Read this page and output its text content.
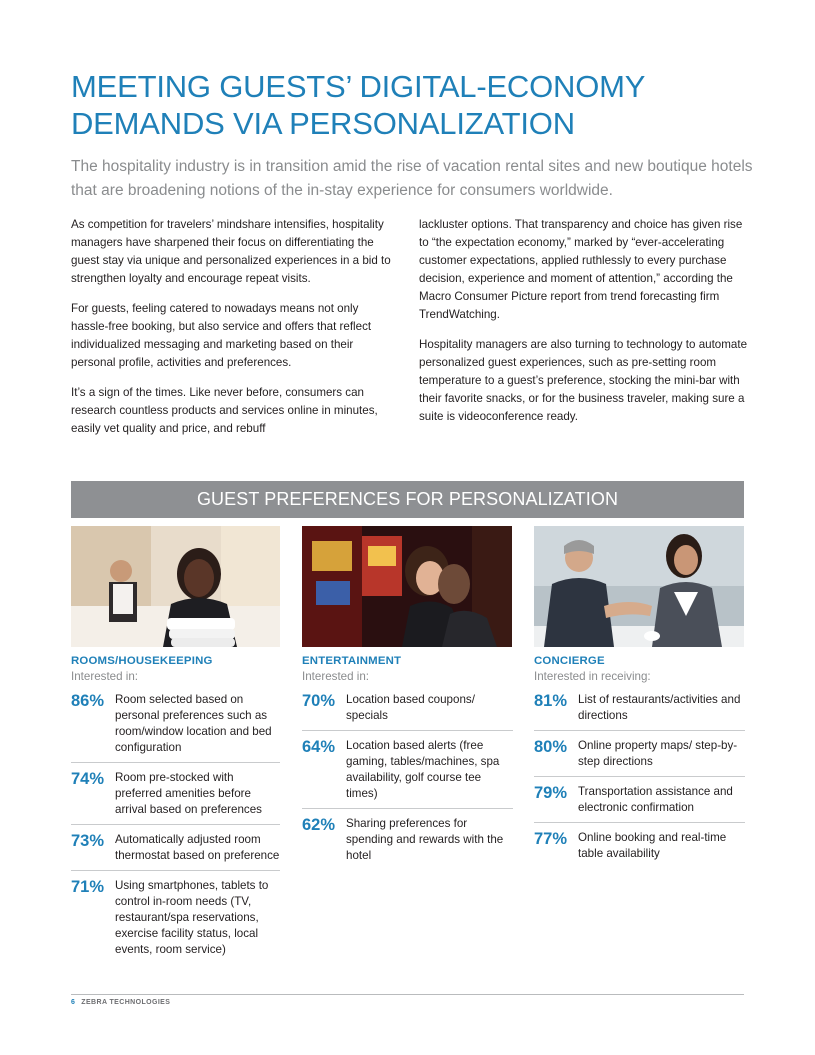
MEETING GUESTS’ DIGITAL-ECONOMY
DEMANDS VIA PERSONALIZATION

The hospitality industry is in transition amid the rise of vacation rental sites and new boutique hotels that are broadening notions of the in-stay experience for consumers worldwide.

As competition for travelers’ mindshare intensifies, hospitality managers have sharpened their focus on differentiating the guest stay via unique and personalized experiences in a bid to strengthen loyalty and encourage repeat visits.

For guests, feeling catered to nowadays means not only hassle-free booking, but also service and offers that reflect individualized messaging and marketing based on their personal profile, activities and preferences.

It’s a sign of the times. Like never before, consumers can research countless products and services online in minutes, easily vet quality and price, and rebuff

lackluster options. That transparency and choice has given rise to “the expectation economy,” marked by “ever-accelerating customer expectations, applied ruthlessly to every purchase decision, experience and moment of attention,” according the Macro Consumer Picture report from trend forecasting firm TrendWatching.

Hospitality managers are also turning to technology to automate personalized guest experiences, such as pre-setting room temperature to a guest’s preference, stocking the mini-bar with their favorite snacks, or for the business traveler, making sure a suite is videoconference ready.

GUEST PREFERENCES FOR PERSONALIZATION
ROOMS/HOUSEKEEPING
Interested in:
86% Room selected based on personal preferences such as room/window location and bed configuration
74% Room pre-stocked with preferred amenities before arrival based on preferences
73% Automatically adjusted room thermostat based on preference
71% Using smartphones, tablets to control in-room needs (TV, restaurant/spa reservations, exercise facility status, local events, room service)
ENTERTAINMENT
Interested in:
70% Location based coupons/ specials
64% Location based alerts (free gaming, tables/machines, spa availability, golf course tee times)
62% Sharing preferences for spending and rewards with the hotel
CONCIERGE
Interested in receiving:
81% List of restaurants/activities and directions
80% Online property maps/ step-by-step directions
79% Transportation assistance and electronic confirmation
77% Online booking and real-time table availability
6 ZEBRA TECHNOLOGIES
